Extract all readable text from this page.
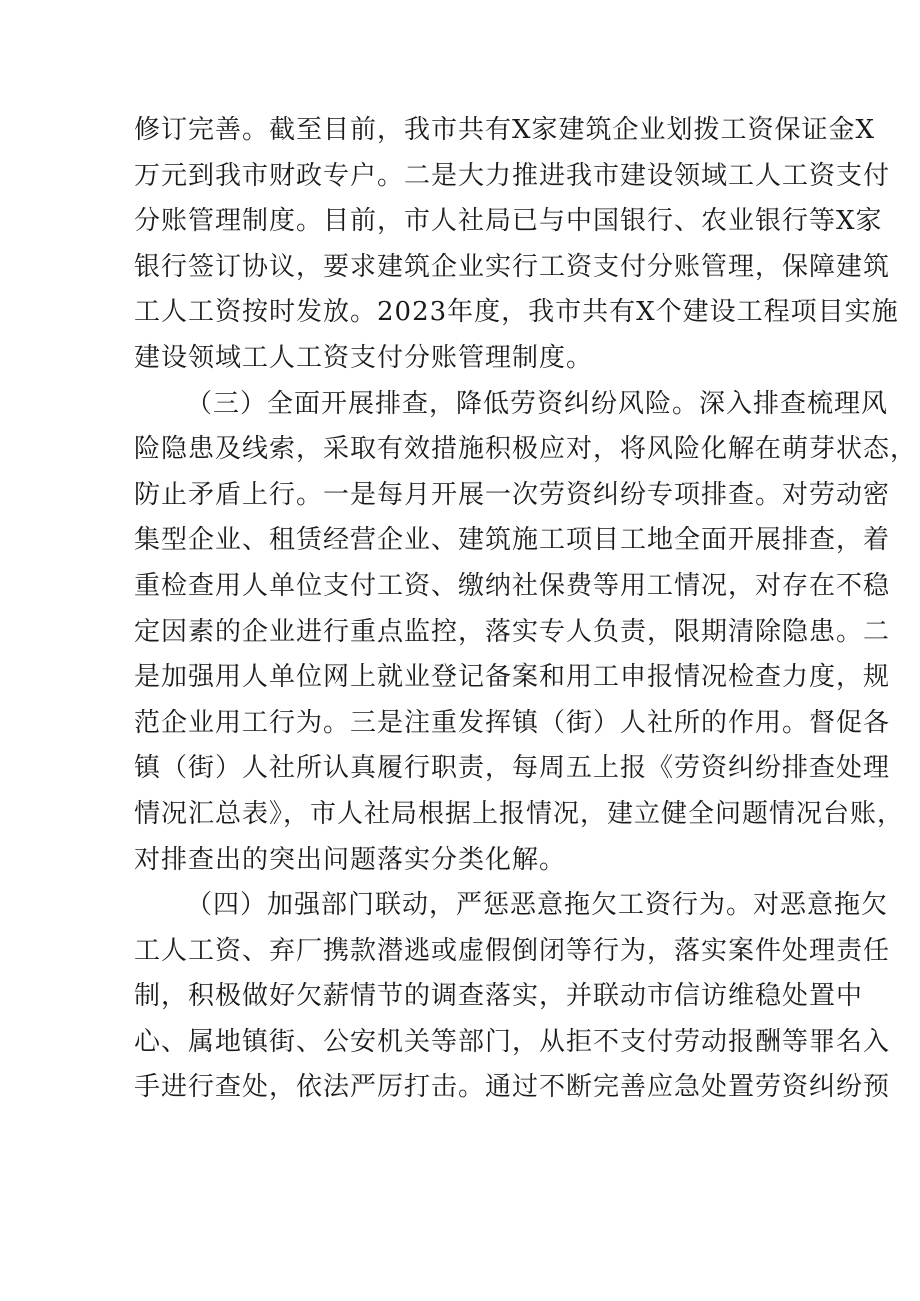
修订完善。截至目前，我市共有X家建筑企业划拨工资保证金X
万元到我市财政专户。二是大力推进我市建设领域工人工资支付
分账管理制度。目前，市人社局已与中国银行、农业银行等X家
银行签订协议，要求建筑企业实行工资支付分账管理，保障建筑
工人工资按时发放。2023年度，我市共有X个建设工程项目实施
建设领域工人工资支付分账管理制度。
（三）全面开展排查，降低劳资纠纷风险。深入排查梳理风
险隐患及线索，采取有效措施积极应对，将风险化解在萌芽状态，
防止矛盾上行。一是每月开展一次劳资纠纷专项排查。对劳动密
集型企业、租赁经营企业、建筑施工项目工地全面开展排查，着
重检查用人单位支付工资、缴纳社保费等用工情况，对存在不稳
定因素的企业进行重点监控，落实专人负责，限期清除隐患。二
是加强用人单位网上就业登记备案和用工申报情况检查力度，规
范企业用工行为。三是注重发挥镇（街）人社所的作用。督促各
镇（街）人社所认真履行职责，每周五上报《劳资纠纷排查处理
情况汇总表》，市人社局根据上报情况，建立健全问题情况台账，
对排查出的突出问题落实分类化解。
（四）加强部门联动，严惩恶意拖欠工资行为。对恶意拖欠
工人工资、弃厂携款潜逃或虚假倒闭等行为，落实案件处理责任
制，积极做好欠薪情节的调查落实，并联动市信访维稳处置中
心、属地镇街、公安机关等部门，从拒不支付劳动报酬等罪名入
手进行查处，依法严厉打击。通过不断完善应急处置劳资纠纷预
